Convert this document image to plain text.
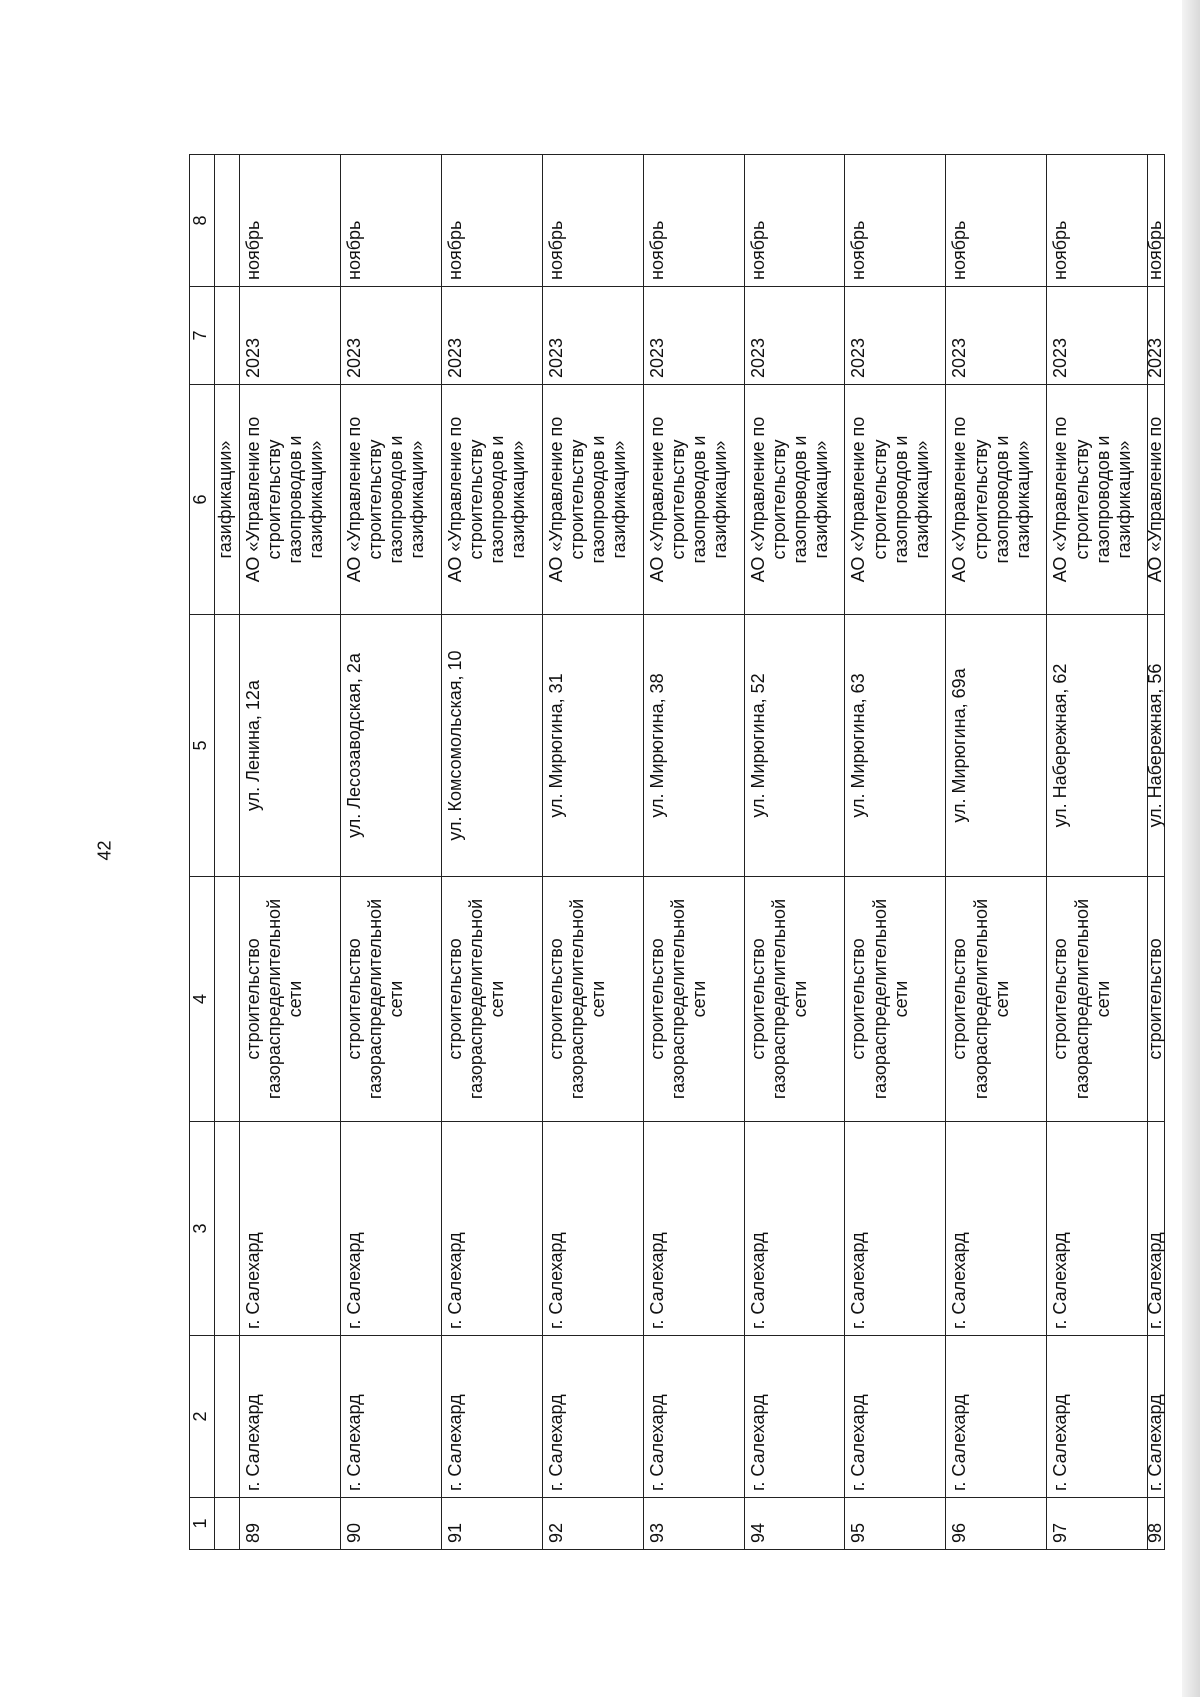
42
1	2	3	4	5	6	7	8
					газификации»		
89	г. Салехард	г. Салехард	строительство газораспределительной сети	ул. Ленина, 12а	АО «Управление по строительству газопроводов и газификации»	2023	ноябрь
90	г. Салехард	г. Салехард	строительство газораспределительной сети	ул. Лесозаводская, 2а	АО «Управление по строительству газопроводов и газификации»	2023	ноябрь
91	г. Салехард	г. Салехард	строительство газораспределительной сети	ул. Комсомольская, 10	АО «Управление по строительству газопроводов и газификации»	2023	ноябрь
92	г. Салехард	г. Салехард	строительство газораспределительной сети	ул. Мирюгина, 31	АО «Управление по строительству газопроводов и газификации»	2023	ноябрь
93	г. Салехард	г. Салехард	строительство газораспределительной сети	ул. Мирюгина, 38	АО «Управление по строительству газопроводов и газификации»	2023	ноябрь
94	г. Салехард	г. Салехард	строительство газораспределительной сети	ул. Мирюгина, 52	АО «Управление по строительству газопроводов и газификации»	2023	ноябрь
95	г. Салехард	г. Салехард	строительство газораспределительной сети	ул. Мирюгина, 63	АО «Управление по строительству газопроводов и газификации»	2023	ноябрь
96	г. Салехард	г. Салехард	строительство газораспределительной сети	ул. Мирюгина, 69а	АО «Управление по строительству газопроводов и газификации»	2023	ноябрь
97	г. Салехард	г. Салехард	строительство газораспределительной сети	ул. Набережная, 62	АО «Управление по строительству газопроводов и газификации»	2023	ноябрь
98	г. Салехард	г. Салехард	строительство	ул. Набережная, 56	АО «Управление по	2023	ноябрь
